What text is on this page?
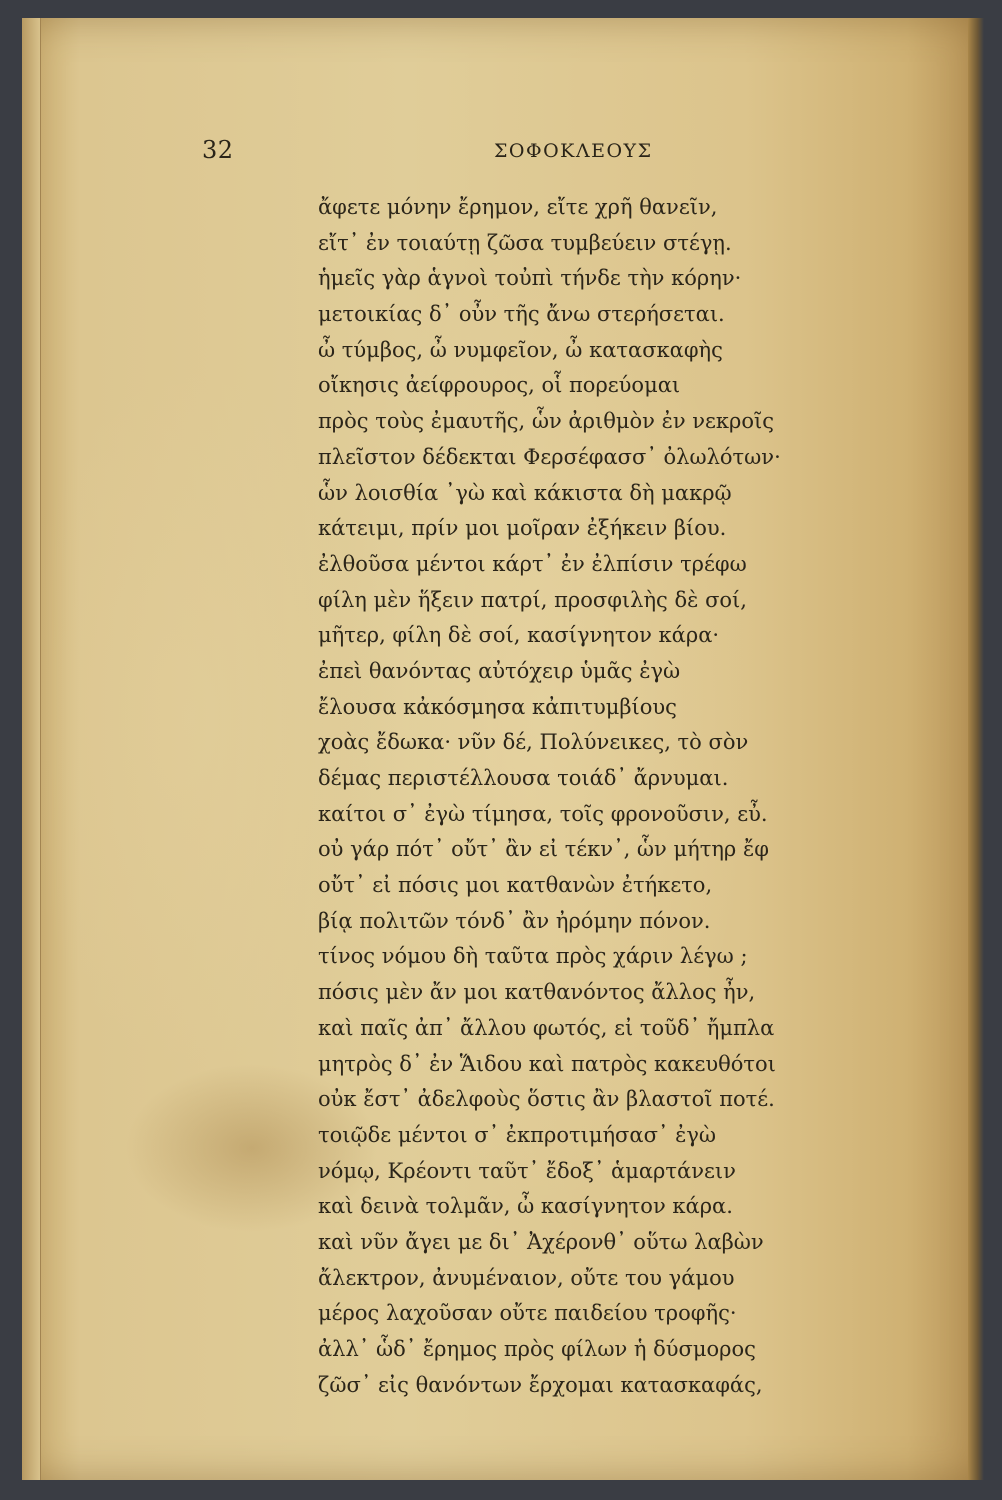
32	ΣΟΦΟΚΛΕΟΥΣ
ἄφετε μόνην ἔρημον, εἴτε χρῆ θανεῖν,
εἴτ᾽ ἐν τοιαύτῃ ζῶσα τυμβεύειν στέγῃ.
ἡμεῖς γὰρ ἁγνοὶ τοὐπὶ τήνδε τὴν κόρην·
μετοικίας δ᾽ οὖν τῆς ἄνω στερήσεται.
ὦ τύμβος, ὦ νυμφεῖον, ὦ κατασκαφὴς
οἴκησις ἀείφρουρος, οἷ πορεύομαι
πρὸς τοὺς ἐμαυτῆς, ὧν ἀριθμὸν ἐν νεκροῖς
πλεῖστον δέδεκται Φερσέφασσ᾽ ὀλωλότων·
ὧν λοισθία ᾽γὼ καὶ κάκιστα δὴ μακρῷ
κάτειμι, πρίν μοι μοῖραν ἐξήκειν βίου.
ἐλθοῦσα μέντοι κάρτ᾽ ἐν ἐλπίσιν τρέφω
φίλη μὲν ἥξειν πατρί, προσφιλὴς δὲ σοί,
μῆτερ, φίλη δὲ σοί, κασίγνητον κάρα·
ἐπεὶ θανόντας αὐτόχειρ ὑμᾶς ἐγὼ
ἔλουσα κἀκόσμησα κἀπιτυμβίους
χοὰς ἔδωκα· νῦν δέ, Πολύνεικες, τὸ σὸν
δέμας περιστέλλουσα τοιάδ᾽ ἄρνυμαι.
καίτοι σ᾽ ἐγὼ τίμησα, τοῖς φρονοῦσιν, εὖ.
οὐ γάρ πότ᾽ οὔτ᾽ ἂν εἰ τέκν᾽, ὧν μήτηρ ἔφ
οὔτ᾽ εἰ πόσις μοι κατθανὼν ἐτήκετο,
βίᾳ πολιτῶν τόνδ᾽ ἂν ἠρόμην πόνον.
τίνος νόμου δὴ ταῦτα πρὸς χάριν λέγω ;
πόσις μὲν ἄν μοι κατθανόντος ἄλλος ἦν,
καὶ παῖς ἀπ᾽ ἄλλου φωτός, εἰ τοῦδ᾽ ἤμπλα
μητρὸς δ᾽ ἐν Ἅιδου καὶ πατρὸς κακευθότοι
οὐκ ἔστ᾽ ἀδελφοὺς ὅστις ἂν βλαστοῖ ποτέ.
τοιῷδε μέντοι σ᾽ ἐκπροτιμήσασ᾽ ἐγὼ
νόμῳ, Κρέοντι ταῦτ᾽ ἔδοξ᾽ ἁμαρτάνειν
καὶ δεινὰ τολμᾶν, ὦ κασίγνητον κάρα.
καὶ νῦν ἄγει με δι᾽ Ἀχέρονθ᾽ οὕτω λαβὼν
ἄλεκτρον, ἀνυμέναιον, οὔτε του γάμου
μέρος λαχοῦσαν οὔτε παιδείου τροφῆς·
ἀλλ᾽ ὧδ᾽ ἔρημος πρὸς φίλων ἡ δύσμορος
ζῶσ᾽ εἰς θανόντων ἔρχομαι κατασκαφάς,
